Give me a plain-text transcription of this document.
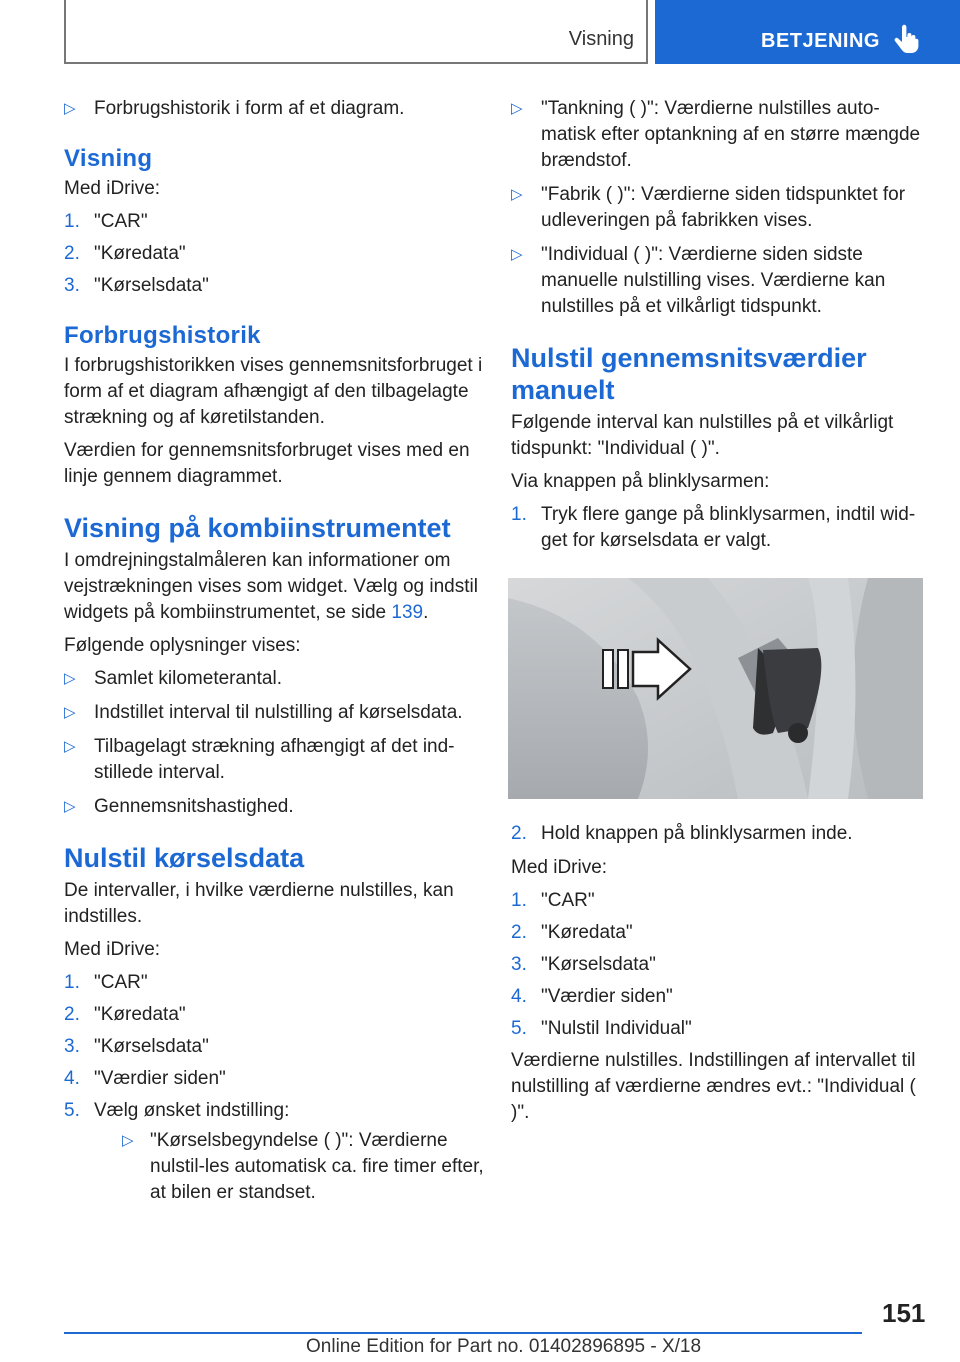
Visning	BETJENING
▷ Forbrugshistorik i form af et diagram.
Visning
Med iDrive:
1. "CAR"
2. "Køredata"
3. "Kørselsdata"
Forbrugshistorik
I forbrugshistorikken vises gennemsnitsforbruget i form af et diagram afhængigt af den tilbagelagte strækning og af køretilstanden.
Værdien for gennemsnitsforbruget vises med en linje gennem diagrammet.
Visning på kombiinstrumentet
I omdrejningstalmåleren kan informationer om vejstrækningen vises som widget. Vælg og indstil widgets på kombiinstrumentet, se side 139.
Følgende oplysninger vises:
▷ Samlet kilometerantal.
▷ Indstillet interval til nulstilling af kørselsdata.
▷ Tilbagelagt strækning afhængigt af det ind-stillede interval.
▷ Gennemsnitshastighed.
Nulstil kørselsdata
De intervaller, i hvilke værdierne nulstilles, kan indstilles.
Med iDrive:
1. "CAR"
2. "Køredata"
3. "Kørselsdata"
4. "Værdier siden"
5. Vælg ønsket indstilling:
▷ "Kørselsbegyndelse ( )": Værdierne nulstil-les automatisk ca. fire timer efter, at bilen er standset.
▷ "Tankning ( )": Værdierne nulstilles auto-matisk efter optankning af en større mængde brændstof.
▷ "Fabrik ( )": Værdierne siden tidspunktet for udleveringen på fabrikken vises.
▷ "Individual ( )": Værdierne siden sidste manuelle nulstilling vises. Værdierne kan nulstilles på et vilkårligt tidspunkt.
Nulstil gennemsnitsværdier manuelt
Følgende interval kan nulstilles på et vilkårligt tidspunkt: "Individual ( )".
Via knappen på blinklysarmen:
1. Tryk flere gange på blinklysarmen, indtil wid-get for kørselsdata er valgt.
2. Hold knappen på blinklysarmen inde.
Med iDrive:
1. "CAR"
2. "Køredata"
3. "Kørselsdata"
4. "Værdier siden"
5. "Nulstil Individual"
Værdierne nulstilles. Indstillingen af intervallet til nulstilling af værdierne ændres evt.: "Individual ( )".
151
Online Edition for Part no. 01402896895 - X/18
